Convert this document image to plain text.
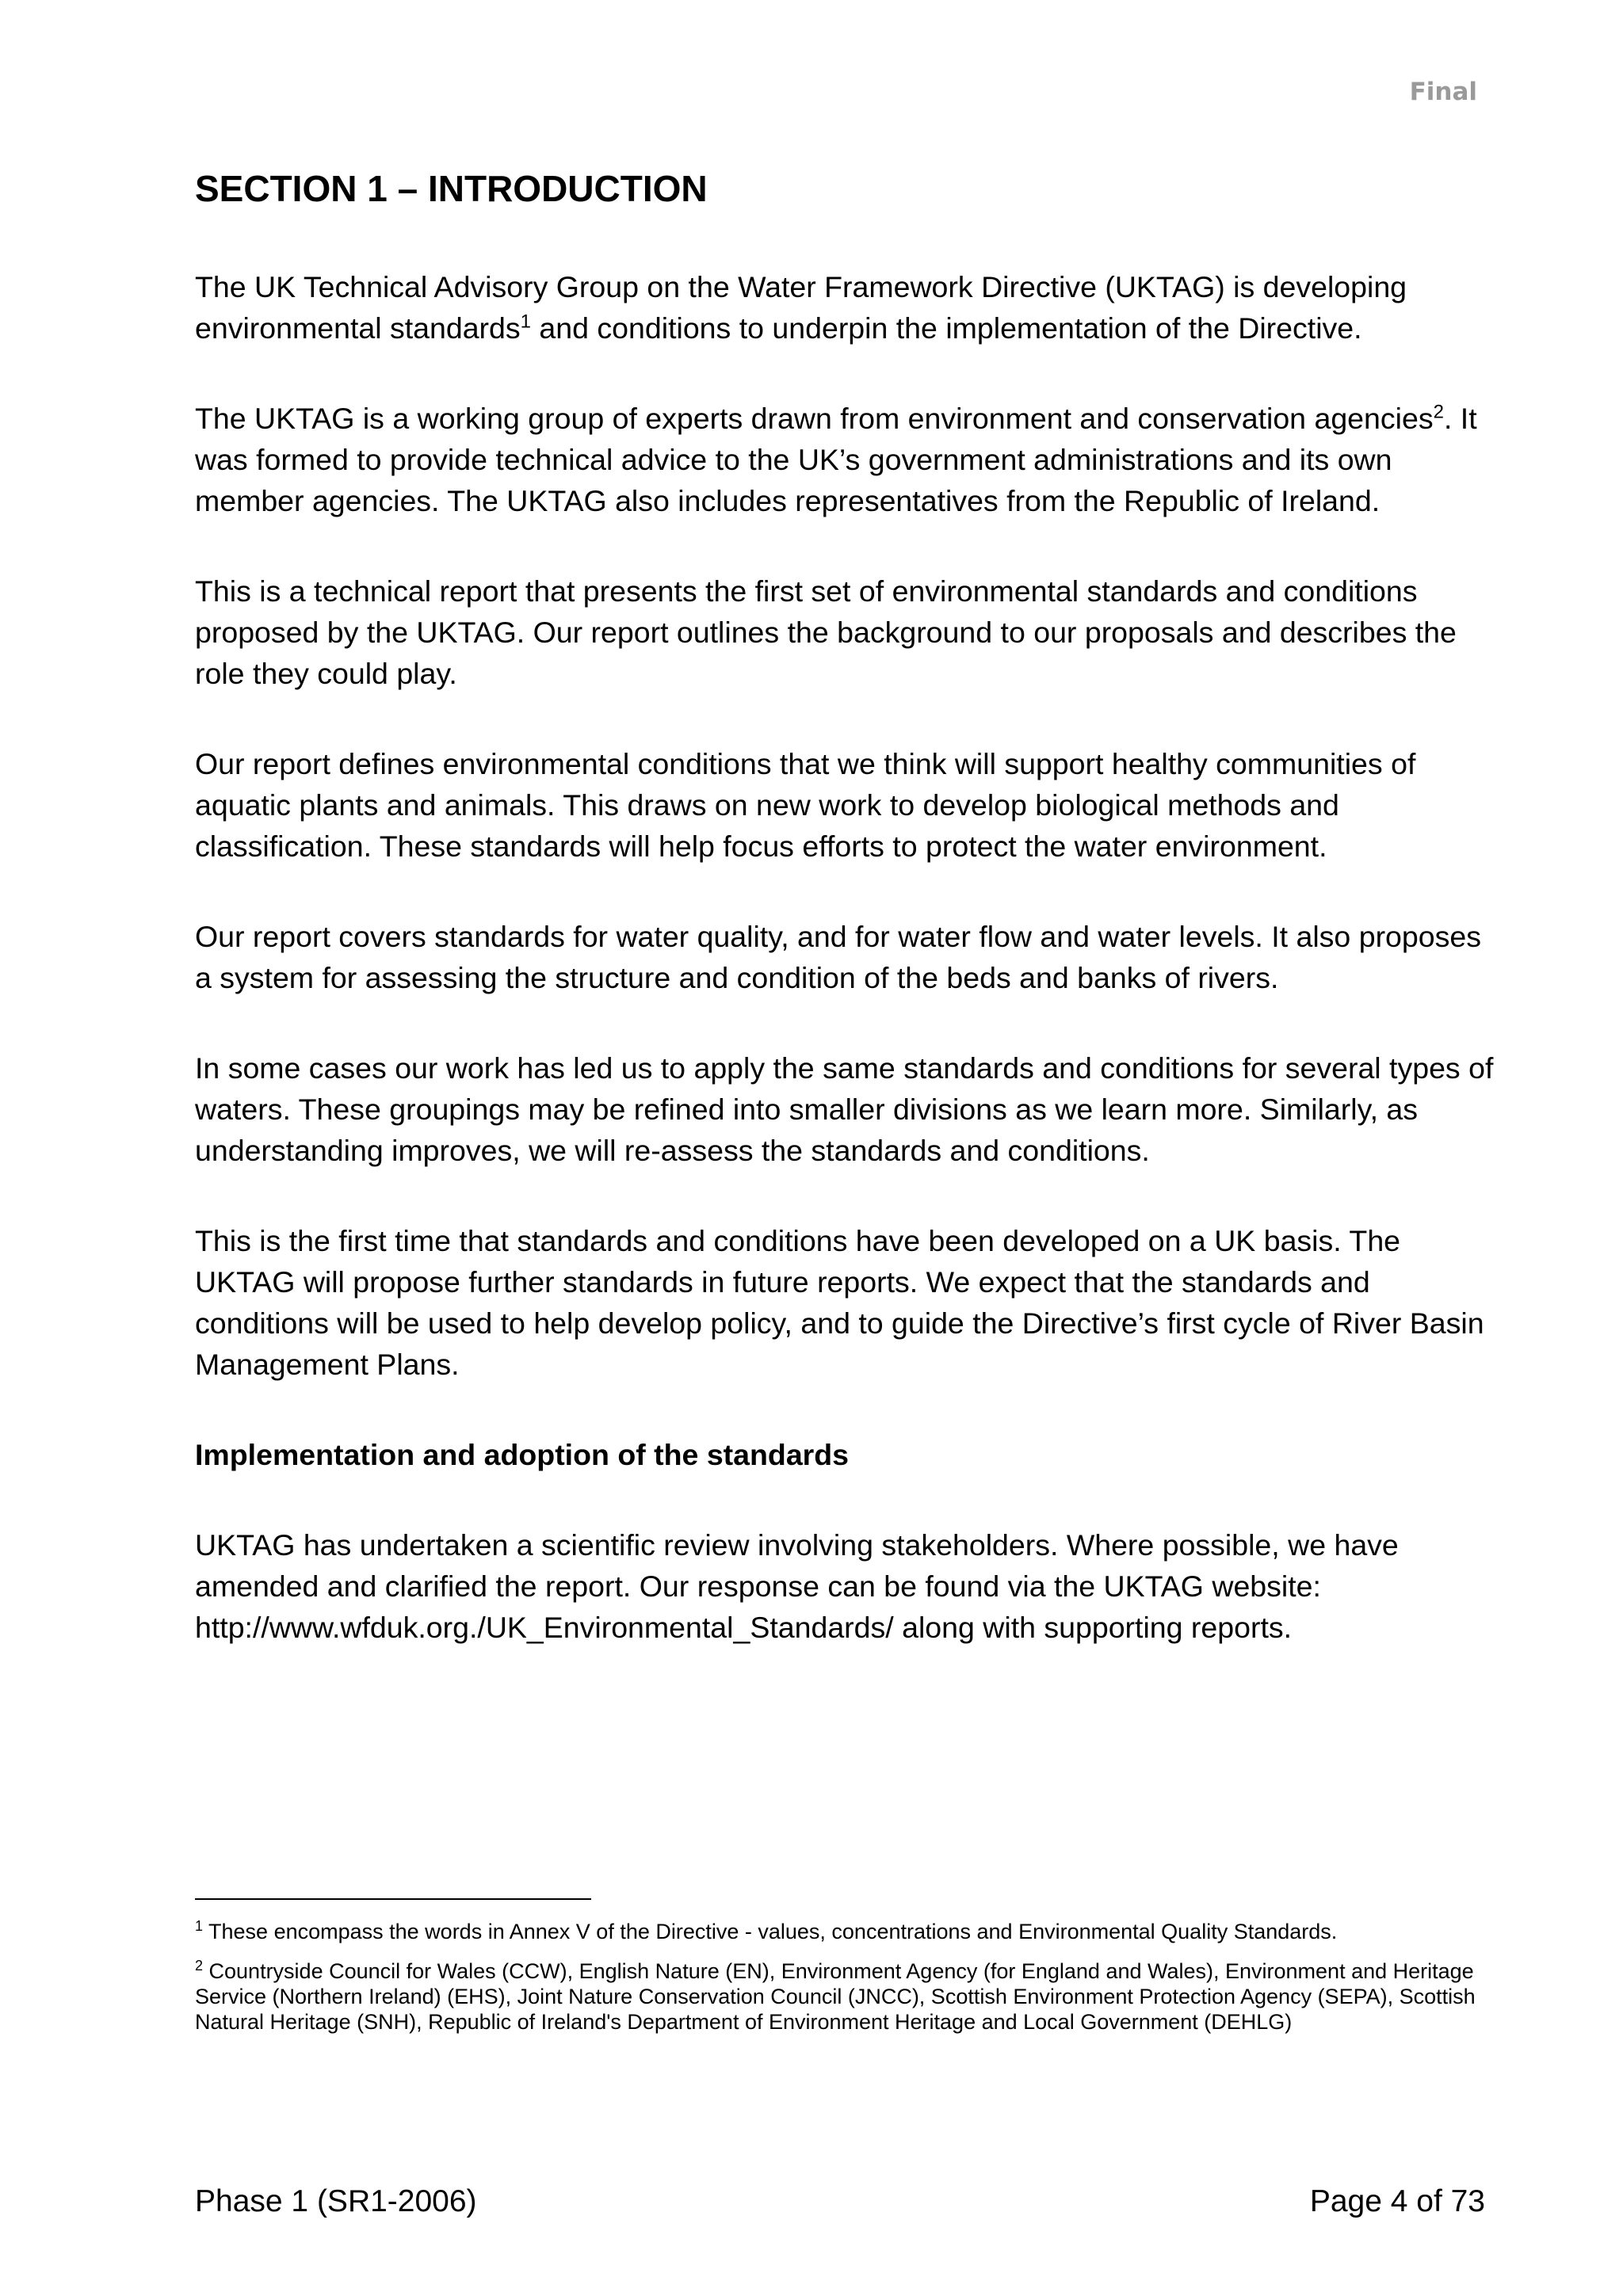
Final
SECTION 1 – INTRODUCTION

The UK Technical Advisory Group on the Water Framework Directive (UKTAG) is developing environmental standards$^1$ and conditions to underpin the implementation of the Directive.

The UKTAG is a working group of experts drawn from environment and conservation agencies$^2$. It was formed to provide technical advice to the UK’s government administrations and its own member agencies. The UKTAG also includes representatives from the Republic of Ireland.

This is a technical report that presents the first set of environmental standards and conditions proposed by the UKTAG. Our report outlines the background to our proposals and describes the role they could play.

Our report defines environmental conditions that we think will support healthy communities of aquatic plants and animals. This draws on new work to develop biological methods and classification. These standards will help focus efforts to protect the water environment.

Our report covers standards for water quality, and for water flow and water levels. It also proposes a system for assessing the structure and condition of the beds and banks of rivers.

In some cases our work has led us to apply the same standards and conditions for several types of waters. These groupings may be refined into smaller divisions as we learn more. Similarly, as understanding improves, we will re-assess the standards and conditions.

This is the first time that standards and conditions have been developed on a UK basis. The UKTAG will propose further standards in future reports. We expect that the standards and conditions will be used to help develop policy, and to guide the Directive’s first cycle of River Basin Management Plans.

Implementation and adoption of the standards

UKTAG has undertaken a scientific review involving stakeholders. Where possible, we have amended and clarified the report. Our response can be found via the UKTAG website: http://www.wfduk.org./UK_Environmental_Standards/ along with supporting reports.

$^1$ These encompass the words in Annex V of the Directive - values, concentrations and Environmental Quality Standards.

$^2$ Countryside Council for Wales (CCW), English Nature (EN), Environment Agency (for England and Wales), Environment and Heritage Service (Northern Ireland) (EHS), Joint Nature Conservation Council (JNCC), Scottish Environment Protection Agency (SEPA), Scottish Natural Heritage (SNH), Republic of Ireland's Department of Environment Heritage and Local Government (DEHLG)

Phase 1 (SR1-2006)	Page 4 of 73
